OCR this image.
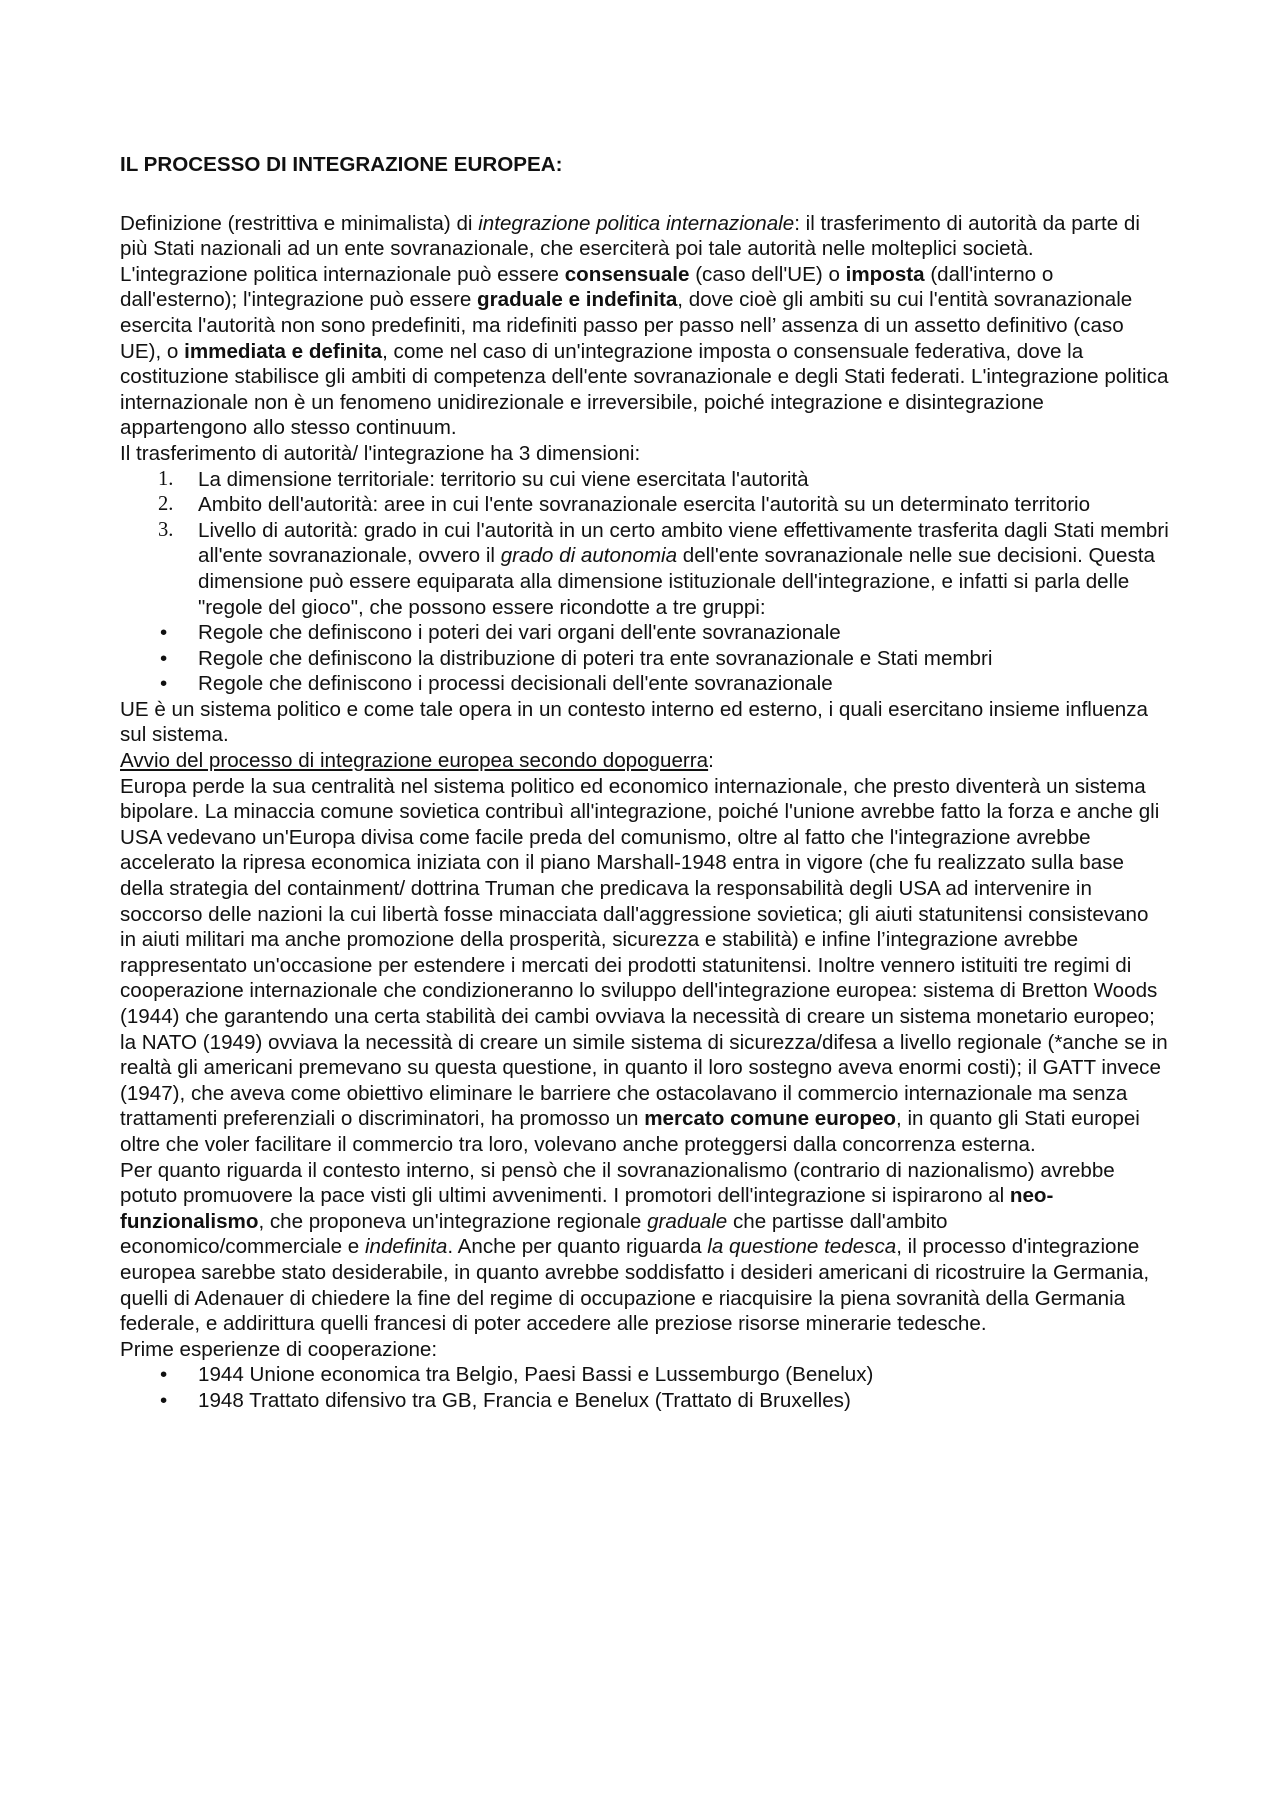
IL PROCESSO DI INTEGRAZIONE EUROPEA:

Definizione (restrittiva e minimalista) di integrazione politica internazionale: il trasferimento di autorità da parte di più Stati nazionali ad un ente sovranazionale, che eserciterà poi tale autorità nelle molteplici società.

L'integrazione politica internazionale può essere consensuale (caso dell'UE) o imposta (dall'interno o dall'esterno); l'integrazione può essere graduale e indefinita, dove cioè gli ambiti su cui l'entità sovranazionale esercita l'autorità non sono predefiniti, ma ridefiniti passo per passo nell’ assenza di un assetto definitivo (caso UE), o immediata e definita, come nel caso di un'integrazione imposta o consensuale federativa, dove la costituzione stabilisce gli ambiti di competenza dell'ente sovranazionale e degli Stati federati. L'integrazione politica internazionale non è un fenomeno unidirezionale e irreversibile, poiché integrazione e disintegrazione appartengono allo stesso continuum.

Il trasferimento di autorità/ l'integrazione ha 3 dimensioni:

1. La dimensione territoriale: territorio su cui viene esercitata l'autorità
2. Ambito dell'autorità: aree in cui l'ente sovranazionale esercita l'autorità su un determinato territorio
3. Livello di autorità: grado in cui l'autorità in un certo ambito viene effettivamente trasferita dagli Stati membri all'ente sovranazionale, ovvero il grado di autonomia dell'ente sovranazionale nelle sue decisioni. Questa dimensione può essere equiparata alla dimensione istituzionale dell'integrazione, e infatti si parla delle "regole del gioco", che possono essere ricondotte a tre gruppi:
• Regole che definiscono i poteri dei vari organi dell'ente sovranazionale
• Regole che definiscono la distribuzione di poteri tra ente sovranazionale e Stati membri
• Regole che definiscono i processi decisionali dell'ente sovranazionale

UE è un sistema politico e come tale opera in un contesto interno ed esterno, i quali esercitano insieme influenza sul sistema.

Avvio del processo di integrazione europea secondo dopoguerra:

Europa perde la sua centralità nel sistema politico ed economico internazionale, che presto diventerà un sistema bipolare. La minaccia comune sovietica contribuì all'integrazione, poiché l'unione avrebbe fatto la forza e anche gli USA vedevano un'Europa divisa come facile preda del comunismo, oltre al fatto che l'integrazione avrebbe accelerato la ripresa economica iniziata con il piano Marshall-1948 entra in vigore (che fu realizzato sulla base della strategia del containment/ dottrina Truman che predicava la responsabilità degli USA ad intervenire in soccorso delle nazioni la cui libertà fosse minacciata dall'aggressione sovietica; gli aiuti statunitensi consistevano in aiuti militari ma anche promozione della prosperità, sicurezza e stabilità) e infine l’integrazione avrebbe rappresentato un'occasione per estendere i mercati dei prodotti statunitensi. Inoltre vennero istituiti tre regimi di cooperazione internazionale che condizioneranno lo sviluppo dell'integrazione europea: sistema di Bretton Woods (1944) che garantendo una certa stabilità dei cambi ovviava la necessità di creare un sistema monetario europeo; la NATO (1949) ovviava la necessità di creare un simile sistema di sicurezza/difesa a livello regionale (*anche se in realtà gli americani premevano su questa questione, in quanto il loro sostegno aveva enormi costi); il GATT invece (1947), che aveva come obiettivo eliminare le barriere che ostacolavano il commercio internazionale ma senza trattamenti preferenziali o discriminatori, ha promosso un mercato comune europeo, in quanto gli Stati europei oltre che voler facilitare il commercio tra loro, volevano anche proteggersi dalla concorrenza esterna.

Per quanto riguarda il contesto interno, si pensò che il sovranazionalismo (contrario di nazionalismo) avrebbe potuto promuovere la pace visti gli ultimi avvenimenti. I promotori dell'integrazione si ispirarono al neo-funzionalismo, che proponeva un'integrazione regionale graduale che partisse dall'ambito economico/commerciale e indefinita. Anche per quanto riguarda la questione tedesca, il processo d'integrazione europea sarebbe stato desiderabile, in quanto avrebbe soddisfatto i desideri americani di ricostruire la Germania, quelli di Adenauer di chiedere la fine del regime di occupazione e riacquisire la piena sovranità della Germania federale, e addirittura quelli francesi di poter accedere alle preziose risorse minerarie tedesche.

Prime esperienze di cooperazione:

• 1944 Unione economica tra Belgio, Paesi Bassi e Lussemburgo (Benelux)
• 1948 Trattato difensivo tra GB, Francia e Benelux (Trattato di Bruxelles)
